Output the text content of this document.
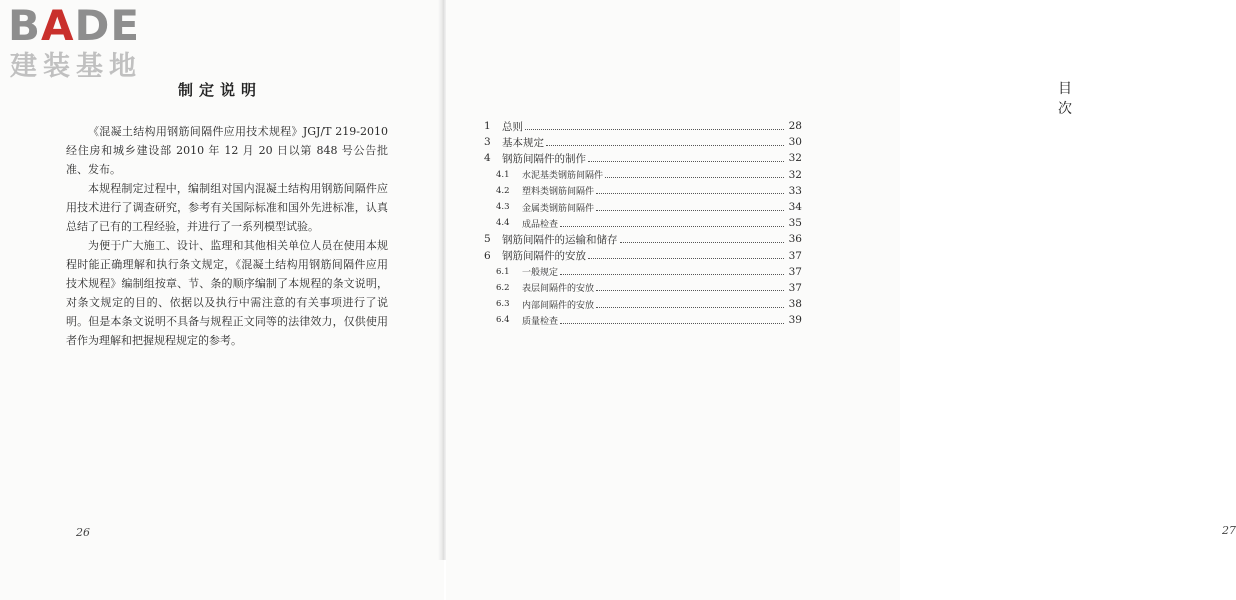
BADE
建装基地
制定说明

《混凝土结构用钢筋间隔件应用技术规程》JGJ/T 219-2010 经住房和城乡建设部 2010 年 12 月 20 日以第 848 号公告批准、发布。

本规程制定过程中，编制组对国内混凝土结构用钢筋间隔件应用技术进行了调查研究，参考有关国际标准和国外先进标准，认真总结了已有的工程经验，并进行了一系列模型试验。

为便于广大施工、设计、监理和其他相关单位人员在使用本规程时能正确理解和执行条文规定，《混凝土结构用钢筋间隔件应用技术规程》编制组按章、节、条的顺序编制了本规程的条文说明，对条文规定的目的、依据以及执行中需注意的有关事项进行了说明。但是本条文说明不具备与规程正文同等的法律效力，仅供使用者作为理解和把握规程规定的参考。

26
目次
27
1	总则	28
3	基本规定	30
4	钢筋间隔件的制作	32
4.1	水泥基类钢筋间隔件	32
4.2	塑料类钢筋间隔件	33
4.3	金属类钢筋间隔件	34
4.4	成品检查	35
5	钢筋间隔件的运输和储存	36
6	钢筋间隔件的安放	37
6.1	一般规定	37
6.2	表层间隔件的安放	37
6.3	内部间隔件的安放	38
6.4	质量检查	39
